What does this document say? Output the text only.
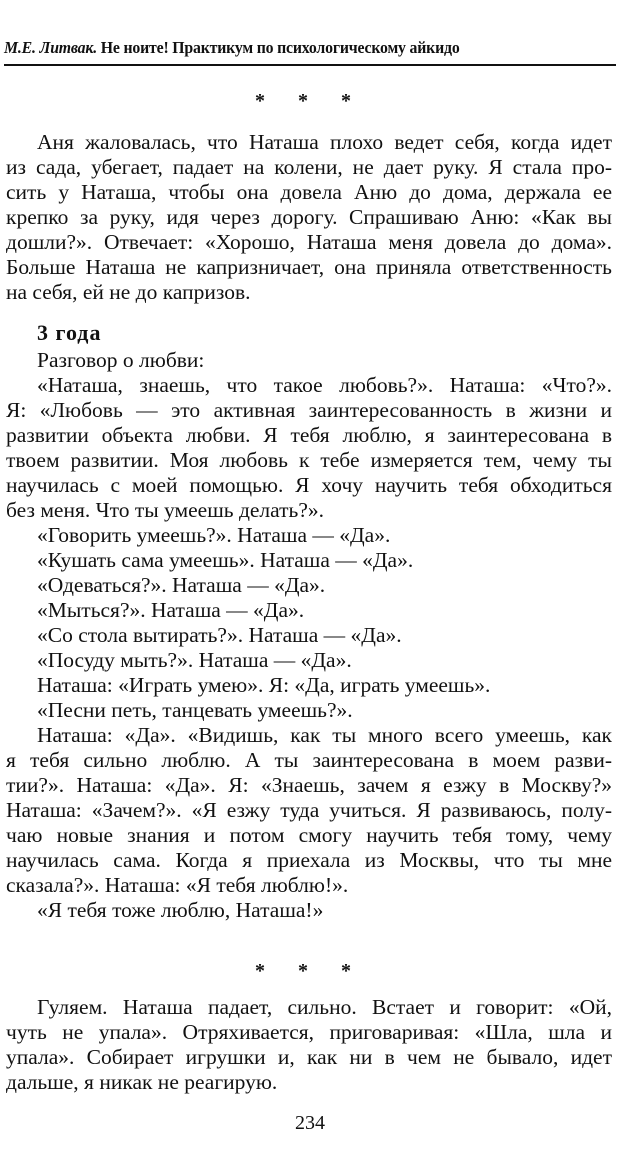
М.Е. Литвак. Не ноите! Практикум по психологическому айкидо
* * *
Аня жаловалась, что Наташа плохо ведет себя, когда идет
из сада, убегает, падает на колени, не дает руку. Я стала про-
сить у Наташа, чтобы она довела Аню до дома, держала ее
крепко за руку, идя через дорогу. Спрашиваю Аню: «Как вы
дошли?». Отвечает: «Хорошо, Наташа меня довела до дома».
Больше Наташа не капризничает, она приняла ответственность
на себя, ей не до капризов.
3 года
Разговор о любви:
«Наташа, знаешь, что такое любовь?». Наташа: «Что?».
Я: «Любовь — это активная заинтересованность в жизни и
развитии объекта любви. Я тебя люблю, я заинтересована в
твоем развитии. Моя любовь к тебе измеряется тем, чему ты
научилась с моей помощью. Я хочу научить тебя обходиться
без меня. Что ты умеешь делать?».
«Говорить умеешь?». Наташа — «Да».
«Кушать сама умеешь». Наташа — «Да».
«Одеваться?». Наташа — «Да».
«Мыться?». Наташа — «Да».
«Со стола вытирать?». Наташа — «Да».
«Посуду мыть?». Наташа — «Да».
Наташа: «Играть умею». Я: «Да, играть умеешь».
«Песни петь, танцевать умеешь?».
Наташа: «Да». «Видишь, как ты много всего умеешь, как
я тебя сильно люблю. А ты заинтересована в моем разви-
тии?». Наташа: «Да». Я: «Знаешь, зачем я езжу в Москву?»
Наташа: «Зачем?». «Я езжу туда учиться. Я развиваюсь, полу-
чаю новые знания и потом смогу научить тебя тому, чему
научилась сама. Когда я приехала из Москвы, что ты мне
сказала?». Наташа: «Я тебя люблю!».
«Я тебя тоже люблю, Наташа!»
* * *
Гуляем. Наташа падает, сильно. Встает и говорит: «Ой,
чуть не упала». Отряхивается, приговаривая: «Шла, шла и
упала». Собирает игрушки и, как ни в чем не бывало, идет
дальше, я никак не реагирую.
234
